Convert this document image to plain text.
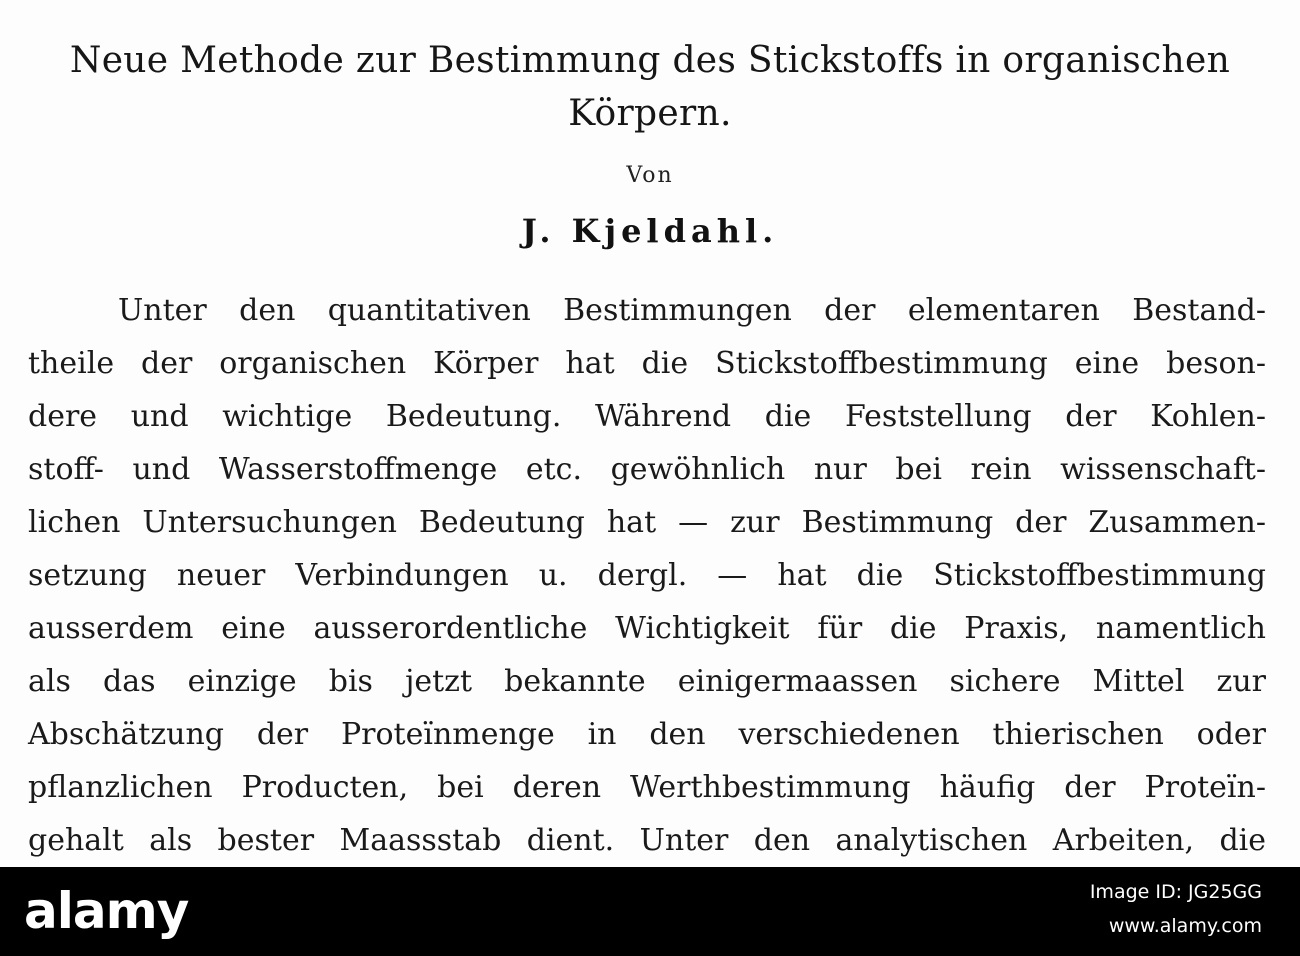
Neue Methode zur Bestimmung des Stickstoffs in organischen
Körpern.
Von
J. Kjeldahl.
Unter den quantitativen Bestimmungen der elementaren Bestand-
theile der organischen Körper hat die Stickstoffbestimmung eine beson-
dere und wichtige Bedeutung. Während die Feststellung der Kohlen-
stoff- und Wasserstoffmenge etc. gewöhnlich nur bei rein wissenschaft-
lichen Untersuchungen Bedeutung hat — zur Bestimmung der Zusammen-
setzung neuer Verbindungen u. dergl. — hat die Stickstoffbestimmung
ausserdem eine ausserordentliche Wichtigkeit für die Praxis, namentlich
als das einzige bis jetzt bekannte einigermaassen sichere Mittel zur
Abschätzung der Proteïnmenge in den verschiedenen thierischen oder
pflanzlichen Producten, bei deren Werthbestimmung häufig der Proteïn-
gehalt als bester Maassstab dient. Unter den analytischen Arbeiten, die
alamy	Image ID: JG25GG
www.alamy.com
